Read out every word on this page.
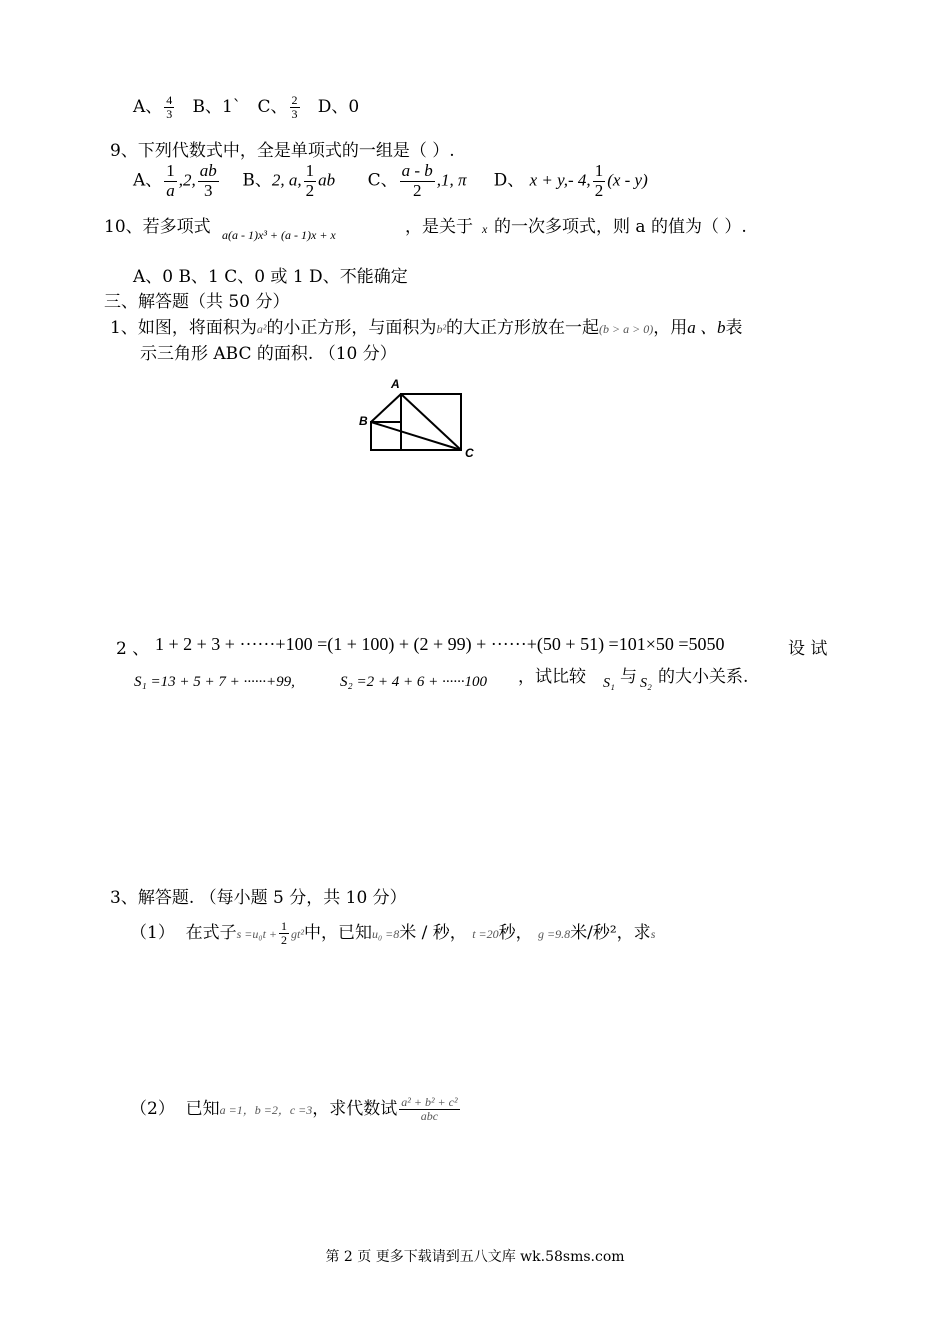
A、 $\frac{4}{3}$ B、1` C、 $\frac{2}{3}$ D、0
9、下列代数式中，全是单项式的一组是（ ）.
A、 $\frac{1}{a} ,2$, $\frac{ab}{3}$ B、2, a, $\frac{1}{2}$ ab C、 $\frac{a - b}{2} ,1$, π D、 x + y,- 4, $\frac{1}{2} (x - y)$
10、若多项式 a(a - 1)x³ + (a - 1)x + x	，是关于 x 的一次多项式，则 a 的值为（ ）.
A、0 B、1 C、0 或 1 D、不能确定
三、解答题（共 50 分）
1、如图，将面积为a²的小正方形，与面积为b²的大正方形放在一起(b > a > 0)，用a 、b表
示三角形 ABC 的面积. （10 分）
A
B
C
2 、 1 + 2 + 3 + ······+100 =(1 + 100) + (2 + 99) + ······+(50 + 51) =101×50 =5050	设 试
S₁ =13 + 5 + 7 + ······+99,	S₂ =2 + 4 + 6 + ······100 ，试比较 S₁ 与 S₂ 的大小关系.
3、解答题. （每小题 5 分，共 10 分）
（1） 在式子$s =u_0t + \frac{1}{2} gt^2$中，已知u₀ =8米 / 秒， t =20秒， g =9.8米/秒²，求s
（2） 已知a =1，b =2，c =3，求代数试 $\frac{\text{a² + b² + c²}}{\text{abc}}$
第 2 页 更多下载请到五八文库 wk.58sms.com
